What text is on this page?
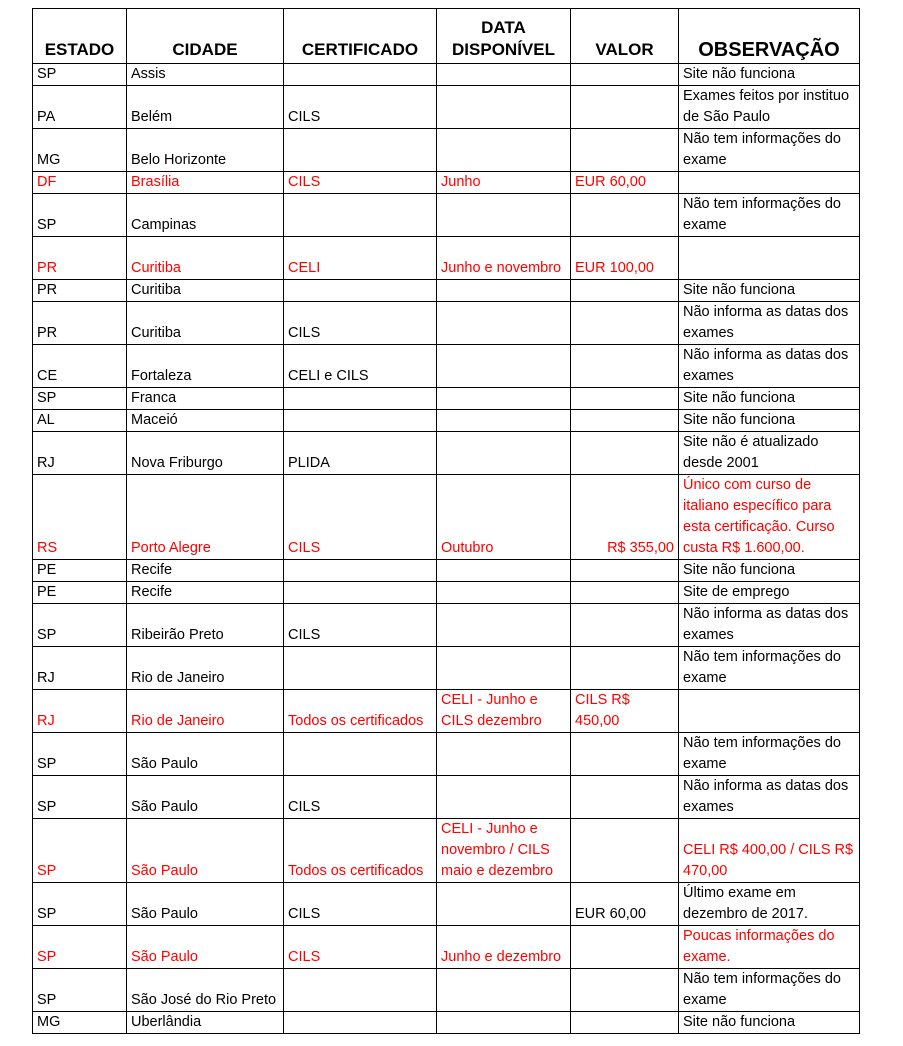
ESTADO	CIDADE	CERTIFICADO	DATA DISPONÍVEL	VALOR	OBSERVAÇÃO
SP	Assis				Site não funciona
PA	Belém	CILS			Exames feitos por instituo de São Paulo
MG	Belo Horizonte				Não tem informações do exame
DF	Brasília	CILS	Junho	EUR 60,00	
SP	Campinas				Não tem informações do exame
PR	Curitiba	CELI	Junho e novembro	EUR 100,00	
PR	Curitiba				Site não funciona
PR	Curitiba	CILS			Não informa as datas dos exames
CE	Fortaleza	CELI e CILS			Não informa as datas dos exames
SP	Franca				Site não funciona
AL	Maceió				Site não funciona
RJ	Nova Friburgo	PLIDA			Site não é atualizado desde 2001
RS	Porto Alegre	CILS	Outubro	R$ 355,00	Único com curso de italiano específico para esta certificação. Curso custa R$ 1.600,00.
PE	Recife				Site não funciona
PE	Recife				Site de emprego
SP	Ribeirão Preto	CILS			Não informa as datas dos exames
RJ	Rio de Janeiro				Não tem informações do exame
RJ	Rio de Janeiro	Todos os certificados	CELI - Junho e CILS dezembro	CILS R$ 450,00	
SP	São Paulo				Não tem informações do exame
SP	São Paulo	CILS			Não informa as datas dos exames
SP	São Paulo	Todos os certificados	CELI - Junho e novembro / CILS maio e dezembro		CELI R$ 400,00 / CILS R$ 470,00
SP	São Paulo	CILS		EUR 60,00	Último exame em dezembro de 2017.
SP	São Paulo	CILS	Junho e dezembro		Poucas informações do exame.
SP	São José do Rio Preto				Não tem informações do exame
MG	Uberlândia				Site não funciona
